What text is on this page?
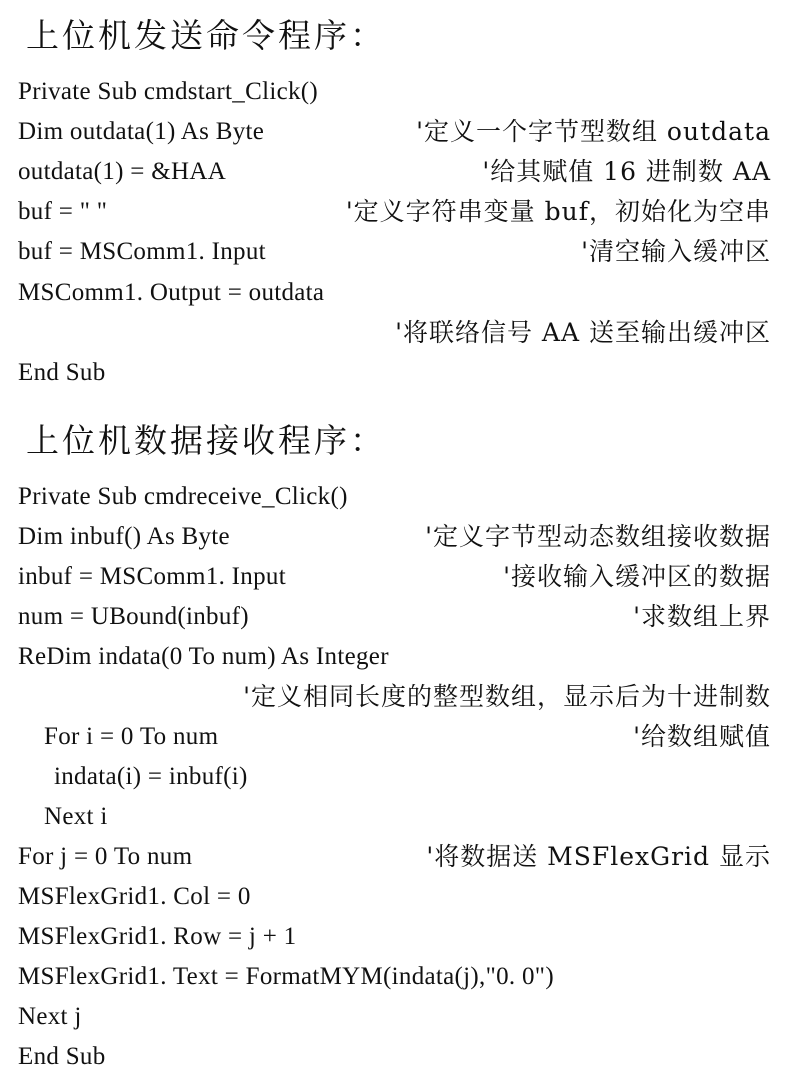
上位机发送命令程序：
Private Sub cmdstart_Click()
Dim outdata(1) As Byte	'定义一个字节型数组 outdata
outdata(1) = &HAA	'给其赋值 16 进制数 AA
buf = " "	'定义字符串变量 buf，初始化为空串
buf = MSComm1. Input	'清空输入缓冲区
MSComm1. Output = outdata
'将联络信号 AA 送至输出缓冲区
End Sub
上位机数据接收程序：
Private Sub cmdreceive_Click()
Dim inbuf() As Byte	'定义字节型动态数组接收数据
inbuf = MSComm1. Input	'接收输入缓冲区的数据
num = UBound(inbuf)	'求数组上界
ReDim indata(0 To num) As Integer
'定义相同长度的整型数组，显示后为十进制数
For i = 0 To num	'给数组赋值
indata(i) = inbuf(i)
Next i
For j = 0 To num	'将数据送 MSFlexGrid 显示
MSFlexGrid1. Col = 0
MSFlexGrid1. Row = j + 1
MSFlexGrid1. Text = FormatMYM(indata(j),"0. 0")
Next j
End Sub
